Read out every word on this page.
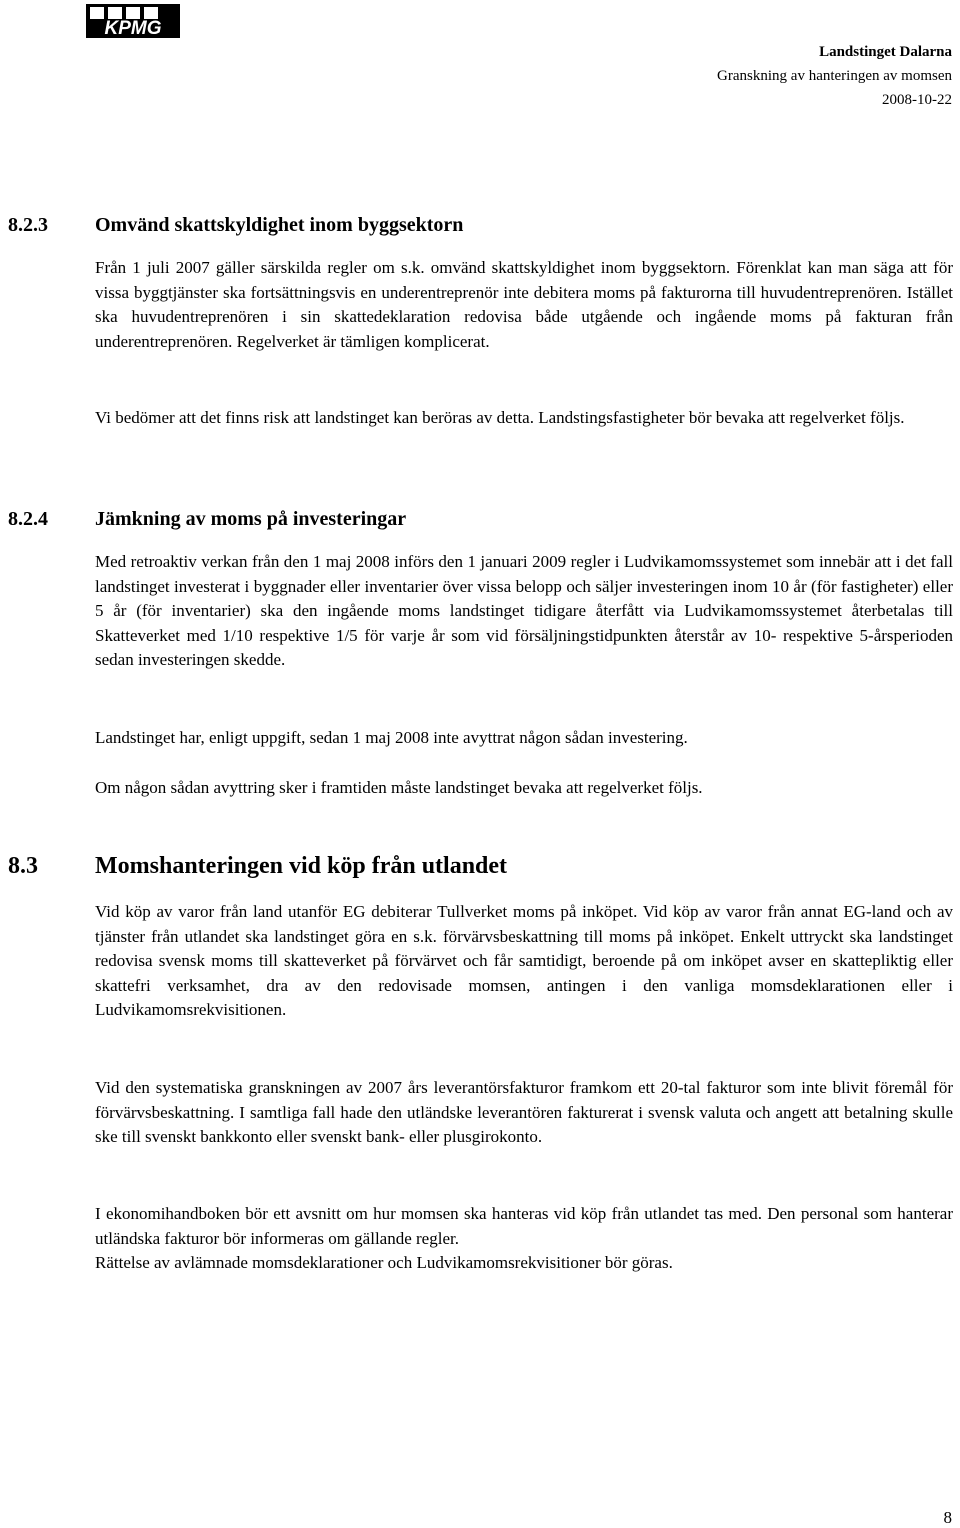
KPMG
Landstinget Dalarna
Granskning av hanteringen av momsen
2008-10-22
8.2.3 Omvänd skattskyldighet inom byggsektorn

Från 1 juli 2007 gäller särskilda regler om s.k. omvänd skattskyldighet inom byggsektorn. Förenklat kan man säga att för vissa byggtjänster ska fortsättningsvis en underentreprenör inte debitera moms på fakturorna till huvudentreprenören. Istället ska huvudentreprenören i sin skattedeklaration redovisa både utgående och ingående moms på fakturan från underentreprenören. Regelverket är tämligen komplicerat.

Vi bedömer att det finns risk att landstinget kan beröras av detta. Landstingsfastigheter bör bevaka att regelverket följs.

8.2.4 Jämkning av moms på investeringar

Med retroaktiv verkan från den 1 maj 2008 införs den 1 januari 2009 regler i Ludvikamomssystemet som innebär att i det fall landstinget investerat i byggnader eller inventarier över vissa belopp och säljer investeringen inom 10 år (för fastigheter) eller 5 år (för inventarier) ska den ingående moms landstinget tidigare återfått via Ludvikamomssystemet återbetalas till Skatteverket med 1/10 respektive 1/5 för varje år som vid försäljningstidpunkten återstår av 10- respektive 5-årsperioden sedan investeringen skedde.

Landstinget har, enligt uppgift, sedan 1 maj 2008 inte avyttrat någon sådan investering.

Om någon sådan avyttring sker i framtiden måste landstinget bevaka att regelverket följs.

8.3 Momshanteringen vid köp från utlandet

Vid köp av varor från land utanför EG debiterar Tullverket moms på inköpet. Vid köp av varor från annat EG-land och av tjänster från utlandet ska landstinget göra en s.k. förvärvsbeskattning till moms på inköpet. Enkelt uttryckt ska landstinget redovisa svensk moms till skatteverket på förvärvet och får samtidigt, beroende på om inköpet avser en skattepliktig eller skattefri verksamhet, dra av den redovisade momsen, antingen i den vanliga momsdeklarationen eller i Ludvikamomsrekvisitionen.

Vid den systematiska granskningen av 2007 års leverantörsfakturor framkom ett 20-tal fakturor som inte blivit föremål för förvärvsbeskattning. I samtliga fall hade den utländske leverantören fakturerat i svensk valuta och angett att betalning skulle ske till svenskt bankkonto eller svenskt bank- eller plusgirokonto.

I ekonomihandboken bör ett avsnitt om hur momsen ska hanteras vid köp från utlandet tas med. Den personal som hanterar utländska fakturor bör informeras om gällande regler.

Rättelse av avlämnade momsdeklarationer och Ludvikamomsrekvisitioner bör göras.

8
